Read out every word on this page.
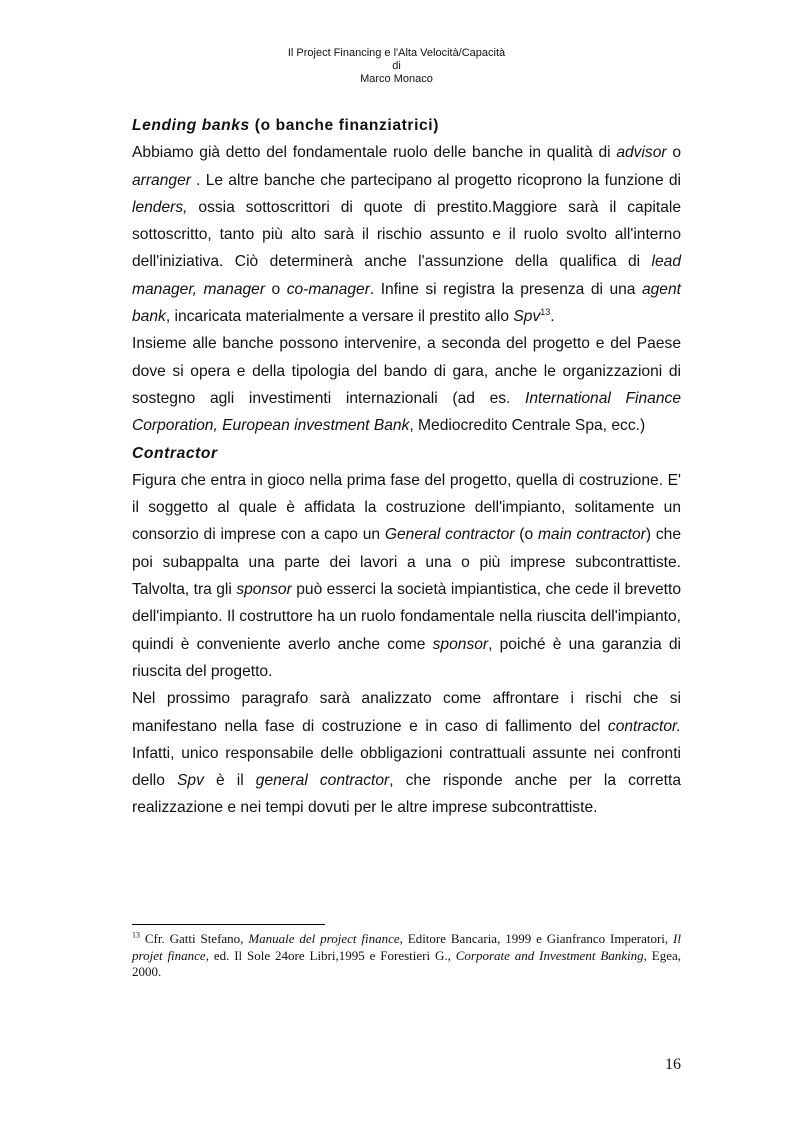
Il Project Financing e l'Alta Velocità/Capacità
di
Marco Monaco
Lending banks (o banche finanziatrici)

Abbiamo già detto del fondamentale ruolo delle banche in qualità di advisor o arranger . Le altre banche che partecipano al progetto ricoprono la funzione di lenders, ossia sottoscrittori di quote di prestito.Maggiore sarà il capitale sottoscritto, tanto più alto sarà il rischio assunto e il ruolo svolto all'interno dell'iniziativa. Ciò determinerà anche l'assunzione della qualifica di lead manager, manager o co-manager. Infine si registra la presenza di una agent bank, incaricata materialmente a versare il prestito allo Spv$^{13}$.

Insieme alle banche possono intervenire, a seconda del progetto e del Paese dove si opera e della tipologia del bando di gara, anche le organizzazioni di sostegno agli investimenti internazionali (ad es. International Finance Corporation, European investment Bank, Mediocredito Centrale Spa, ecc.)

Contractor

Figura che entra in gioco nella prima fase del progetto, quella di costruzione. E' il soggetto al quale è affidata la costruzione dell'impianto, solitamente un consorzio di imprese con a capo un General contractor (o main contractor) che poi subappalta una parte dei lavori a una o più imprese subcontrattiste. Talvolta, tra gli sponsor può esserci la società impiantistica, che cede il brevetto dell'impianto. Il costruttore ha un ruolo fondamentale nella riuscita dell'impianto, quindi è conveniente averlo anche come sponsor, poiché è una garanzia di riuscita del progetto.

Nel prossimo paragrafo sarà analizzato come affrontare i rischi che si manifestano nella fase di costruzione e in caso di fallimento del contractor. Infatti, unico responsabile delle obbligazioni contrattuali assunte nei confronti dello Spv è il general contractor, che risponde anche per la corretta realizzazione e nei tempi dovuti per le altre imprese subcontrattiste.

$^{13}$ Cfr. Gatti Stefano, Manuale del project finance, Editore Bancaria, 1999 e Gianfranco Imperatori, Il projet finance, ed. Il Sole 24ore Libri,1995 e Forestieri G., Corporate and Investment Banking, Egea, 2000.
16
